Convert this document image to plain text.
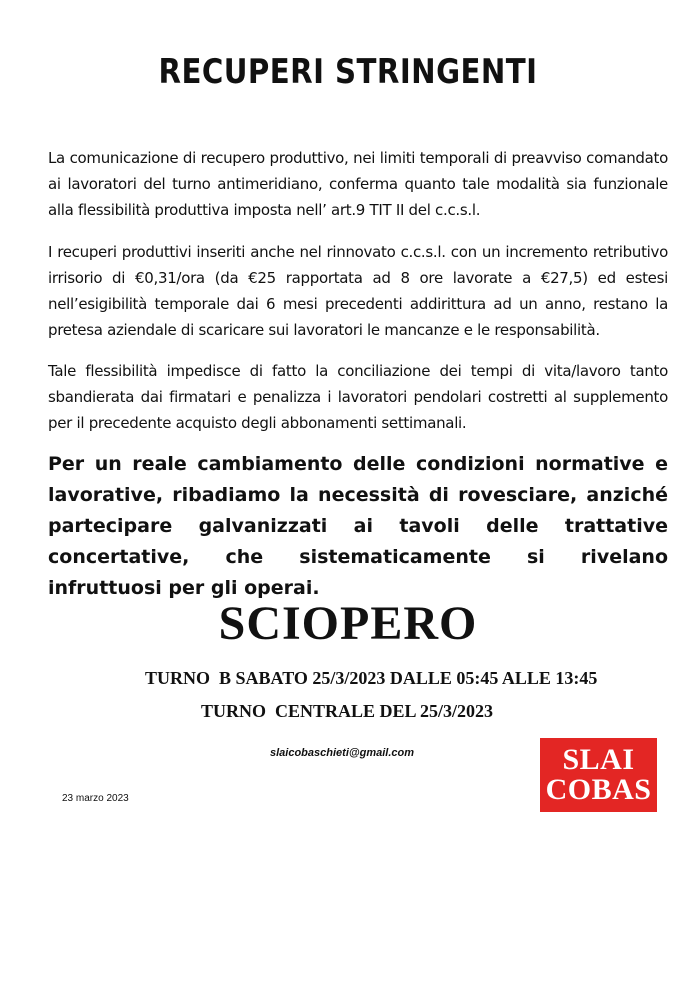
RECUPERI STRINGENTI
La comunicazione di recupero produttivo, nei limiti temporali di preavviso comandato ai lavoratori del turno antimeridiano, conferma quanto tale modalità sia funzionale alla flessibilità produttiva imposta nell’ art.9 TIT II del c.c.s.l.
I recuperi produttivi inseriti anche nel rinnovato c.c.s.l. con un incremento retributivo irrisorio di €0,31/ora (da €25 rapportata ad 8 ore lavorate a €27,5) ed estesi nell’esigibilità temporale dai 6 mesi precedenti addirittura ad un anno, restano la pretesa aziendale di scaricare sui lavoratori le mancanze e le responsabilità.
Tale flessibilità impedisce di fatto la conciliazione dei tempi di vita/lavoro tanto sbandierata dai firmatari e penalizza i lavoratori pendolari costretti al supplemento per il precedente acquisto degli abbonamenti settimanali.
Per un reale cambiamento delle condizioni normative e lavorative, ribadiamo la necessità di rovesciare, anziché partecipare galvanizzati ai tavoli delle trattative concertative, che sistematicamente si rivelano infruttuosi per gli operai.
SCIOPERO
TURNO  B SABATO 25/3/2023 DALLE 05:45 ALLE 13:45
TURNO  CENTRALE DEL 25/3/2023
slaicobaschieti@gmail.com
23 marzo 2023
SLAI
COBAS
